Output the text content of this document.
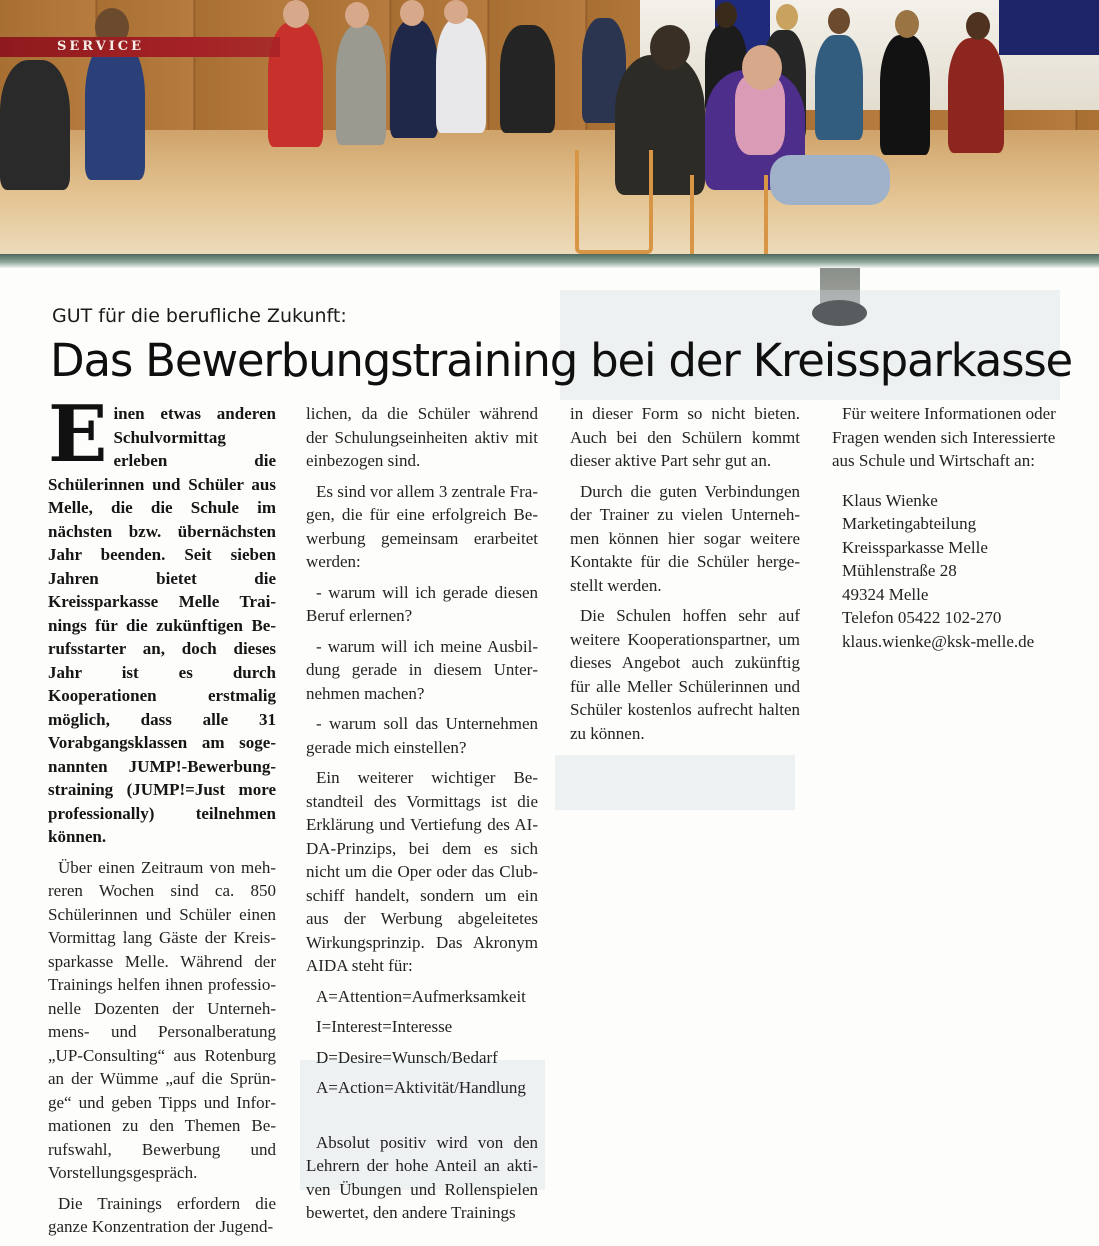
SERVICE
GUT für die berufliche Zukunft:
Das Bewerbungstraining bei der Kreissparkasse

Einen etwas anderen Schulvormittag erleben die Schülerinnen und Schüler aus Melle, die die Schule im nächsten bzw. übernächsten Jahr beenden. Seit sieben Jahren bietet die Kreissparkasse Melle Trainings für die zukünftigen Berufsstarter an, doch dieses Jahr ist es durch Kooperationen erstmalig möglich, dass alle 31 Vorabgangsklassen am sogenannten JUMP!-Bewerbungstraining (JUMP!=Just more professionally) teilnehmen können.

Über einen Zeitraum von mehreren Wochen sind ca. 850 Schülerinnen und Schüler einen Vormittag lang Gäste der Kreissparkasse Melle. Während der Trainings helfen ihnen professionelle Dozenten der Unternehmens- und Personalberatung „UP-Consulting“ aus Rotenburg an der Wümme „auf die Sprünge“ und geben Tipps und Informationen zu den Themen Berufswahl, Bewerbung und Vorstellungsgespräch.

Die Trainings erfordern die ganze Konzentration der Jugend-

lichen, da die Schüler während der Schulungseinheiten aktiv mit einbezogen sind.

Es sind vor allem 3 zentrale Fragen, die für eine erfolgreich Bewerbung gemeinsam erarbeitet werden:

- warum will ich gerade diesen Beruf erlernen?

- warum will ich meine Ausbildung gerade in diesem Unternehmen machen?

- warum soll das Unternehmen gerade mich einstellen?

Ein weiterer wichtiger Bestandteil des Vormittags ist die Erklärung und Vertiefung des AIDA-Prinzips, bei dem es sich nicht um die Oper oder das Clubschiff handelt, sondern um ein aus der Werbung abgeleitetes Wirkungsprinzip. Das Akronym AIDA steht für:

A=Attention=Aufmerksamkeit

I=Interest=Interesse

D=Desire=Wunsch/Bedarf

A=Action=Aktivität/Handlung

Absolut positiv wird von den Lehrern der hohe Anteil an aktiven Übungen und Rollenspielen bewertet, den andere Trainings

in dieser Form so nicht bieten. Auch bei den Schülern kommt dieser aktive Part sehr gut an.

Durch die guten Verbindungen der Trainer zu vielen Unternehmen können hier sogar weitere Kontakte für die Schüler hergestellt werden.

Die Schulen hoffen sehr auf weitere Kooperationspartner, um dieses Angebot auch zukünftig für alle Meller Schülerinnen und Schüler kostenlos aufrecht halten zu können.

Für weitere Informationen oder Fragen wenden sich Interessierte aus Schule und Wirtschaft an:

Klaus Wienke
Marketingabteilung
Kreissparkasse Melle
Mühlenstraße 28
49324 Melle
Telefon 05422 102-270
klaus.wienke@ksk-melle.de
